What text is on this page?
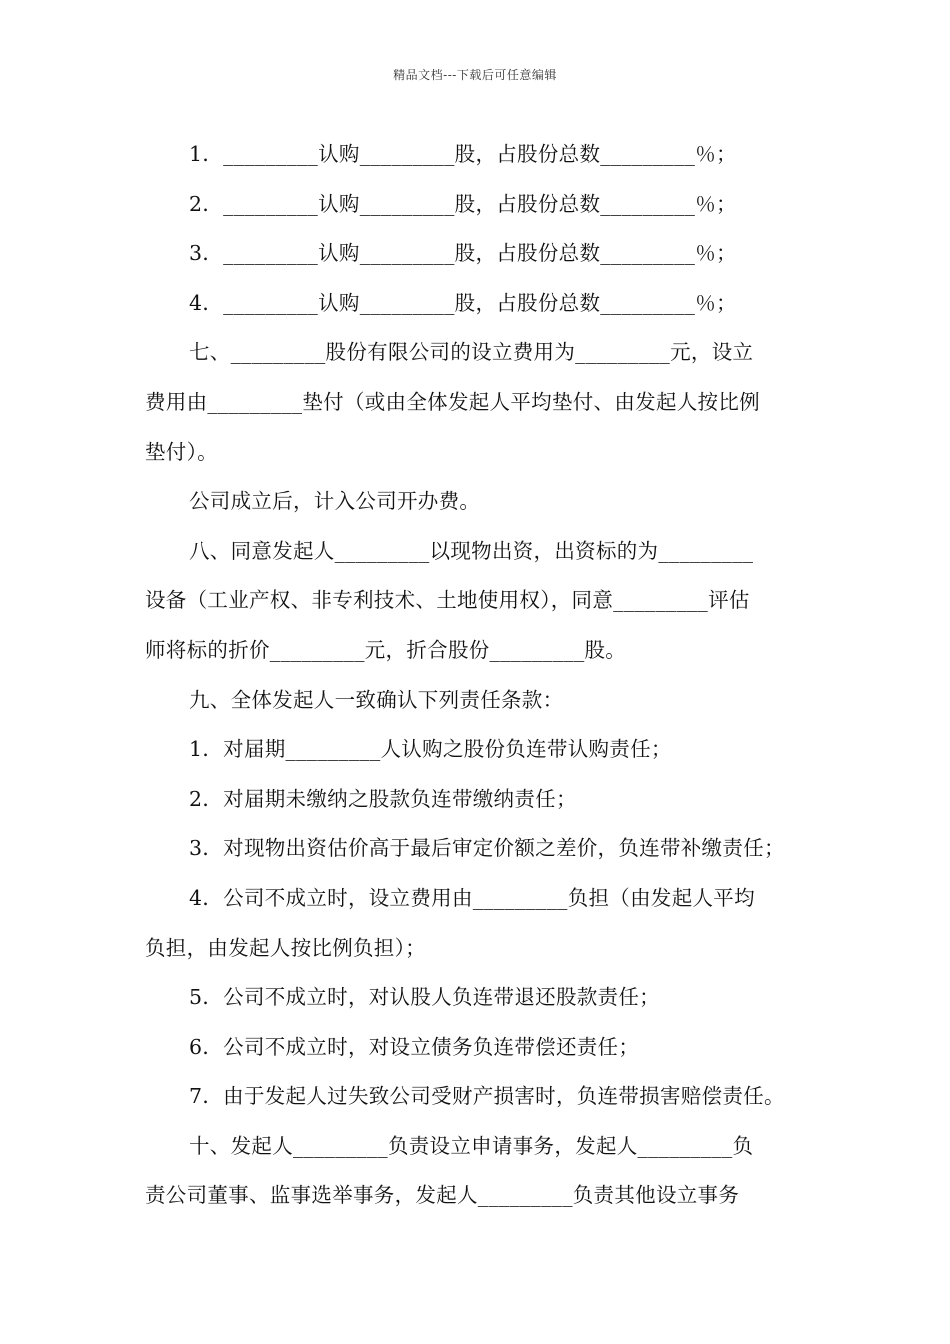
精品文档---下载后可任意编辑
1．_________认购_________股，占股份总数_________％；
2．_________认购_________股，占股份总数_________％；
3．_________认购_________股，占股份总数_________％；
4．_________认购_________股，占股份总数_________％；
七、_________股份有限公司的设立费用为_________元，设立
费用由_________垫付（或由全体发起人平均垫付、由发起人按比例
垫付）。
公司成立后，计入公司开办费。
八、同意发起人_________以现物出资，出资标的为_________
设备（工业产权、非专利技术、土地使用权），同意_________评估
师将标的折价_________元，折合股份_________股。
九、全体发起人一致确认下列责任条款：
1．对届期_________人认购之股份负连带认购责任；
2．对届期未缴纳之股款负连带缴纳责任；
3．对现物出资估价高于最后审定价额之差价，负连带补缴责任；
4．公司不成立时，设立费用由_________负担（由发起人平均
负担，由发起人按比例负担）；
5．公司不成立时，对认股人负连带退还股款责任；
6．公司不成立时，对设立债务负连带偿还责任；
7．由于发起人过失致公司受财产损害时，负连带损害赔偿责任。
十、发起人_________负责设立申请事务，发起人_________负
责公司董事、监事选举事务，发起人_________负责其他设立事务
